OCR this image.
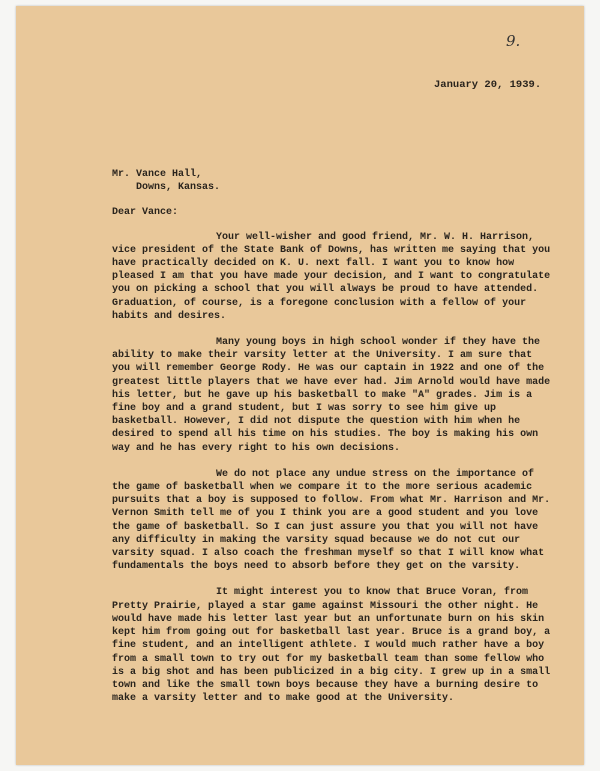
9.
January 20, 1939.

Mr. Vance Hall,

Downs, Kansas.

Dear Vance:

Your well-wisher and good friend, Mr. W. H. Harrison, vice president of the State Bank of Downs, has written me saying that you have practically decided on K. U. next fall. I want you to know how pleased I am that you have made your decision, and I want to congratulate you on picking a school that you will always be proud to have attended. Graduation, of course, is a foregone conclusion with a fellow of your habits and desires.

Many young boys in high school wonder if they have the ability to make their varsity letter at the University. I am sure that you will remember George Rody. He was our captain in 1922 and one of the greatest little players that we have ever had. Jim Arnold would have made his letter, but he gave up his basketball to make "A" grades. Jim is a fine boy and a grand student, but I was sorry to see him give up basketball. However, I did not dispute the question with him when he desired to spend all his time on his studies. The boy is making his own way and he has every right to his own decisions.

We do not place any undue stress on the importance of the game of basketball when we compare it to the more serious academic pursuits that a boy is supposed to follow. From what Mr. Harrison and Mr. Vernon Smith tell me of you I think you are a good student and you love the game of basketball. So I can just assure you that you will not have any difficulty in making the varsity squad because we do not cut our varsity squad. I also coach the freshman myself so that I will know what fundamentals the boys need to absorb before they get on the varsity.

It might interest you to know that Bruce Voran, from Pretty Prairie, played a star game against Missouri the other night. He would have made his letter last year but an unfortunate burn on his skin kept him from going out for basketball last year. Bruce is a grand boy, a fine student, and an intelligent athlete. I would much rather have a boy from a small town to try out for my basketball team than some fellow who is a big shot and has been publicized in a big city. I grew up in a small town and like the small town boys because they have a burning desire to make a varsity letter and to make good at the University.
